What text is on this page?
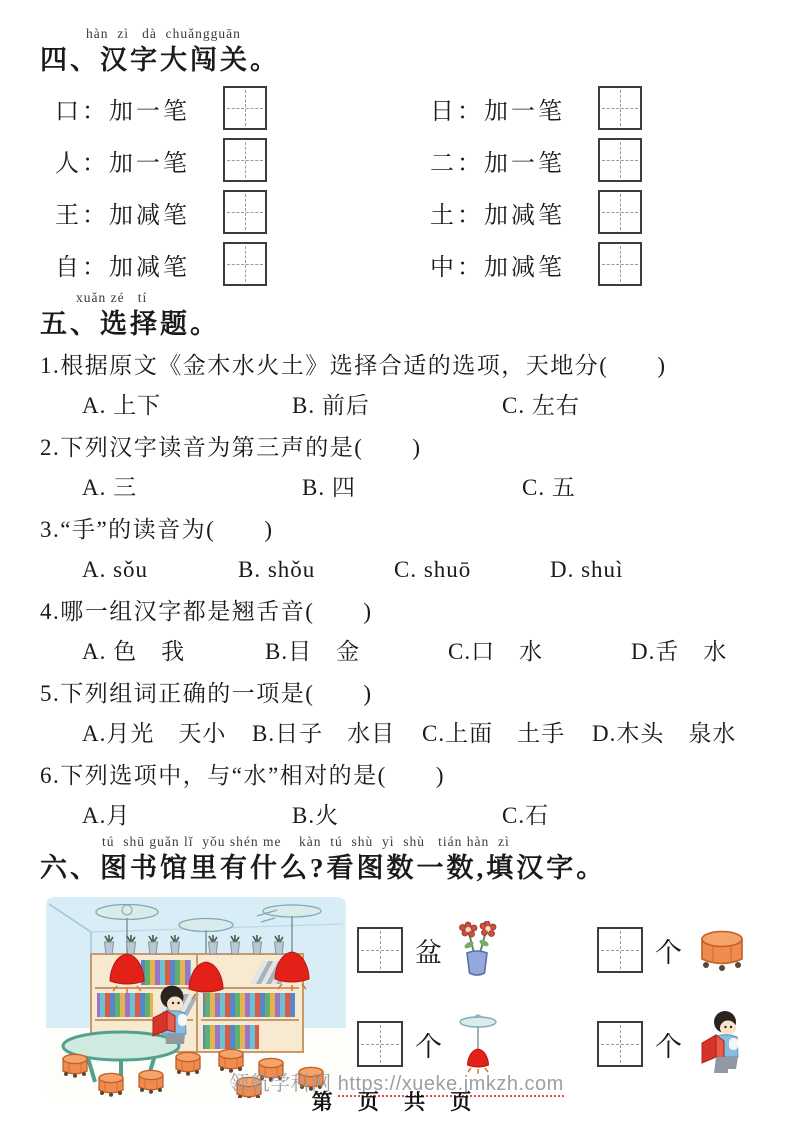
hàn  zì   dà  chuǎngguān
四、汉字大闯关。
口：加一笔	日：加一笔
人：加一笔	二：加一笔
王：加减笔	土：加减笔
自：加减笔	中：加减笔
xuǎn zé   tí
五、选择题。
1.根据原文《金木水火土》选择合适的选项，天地分(　　)
A. 上下	B. 前后	C. 左右
2.下列汉字读音为第三声的是(　　)
A. 三	B. 四	C. 五
3.“手”的读音为(　　)
A. sǒu	B. shǒu	C. shuō	D. shuì
4.哪一组汉字都是翘舌音(　　)
A. 色　我	B.目　金	C.口　水	D.舌　水
5.下列组词正确的一项是(　　)
A.月光　天小	B.日子　水目	C.上面　土手	D.木头　泉水
6.下列选项中，与“水”相对的是(　　)
A.月	B.火	C.石
tú  shū guǎn lǐ  yǒu shén me    kàn  tú  shù  yì  shù   tián hàn  zì
六、图书馆里有什么?看图数一数,填汉字。
盆	个
个	个
领航学科网 https://xueke.jmkzh.com
第 页 共 页
